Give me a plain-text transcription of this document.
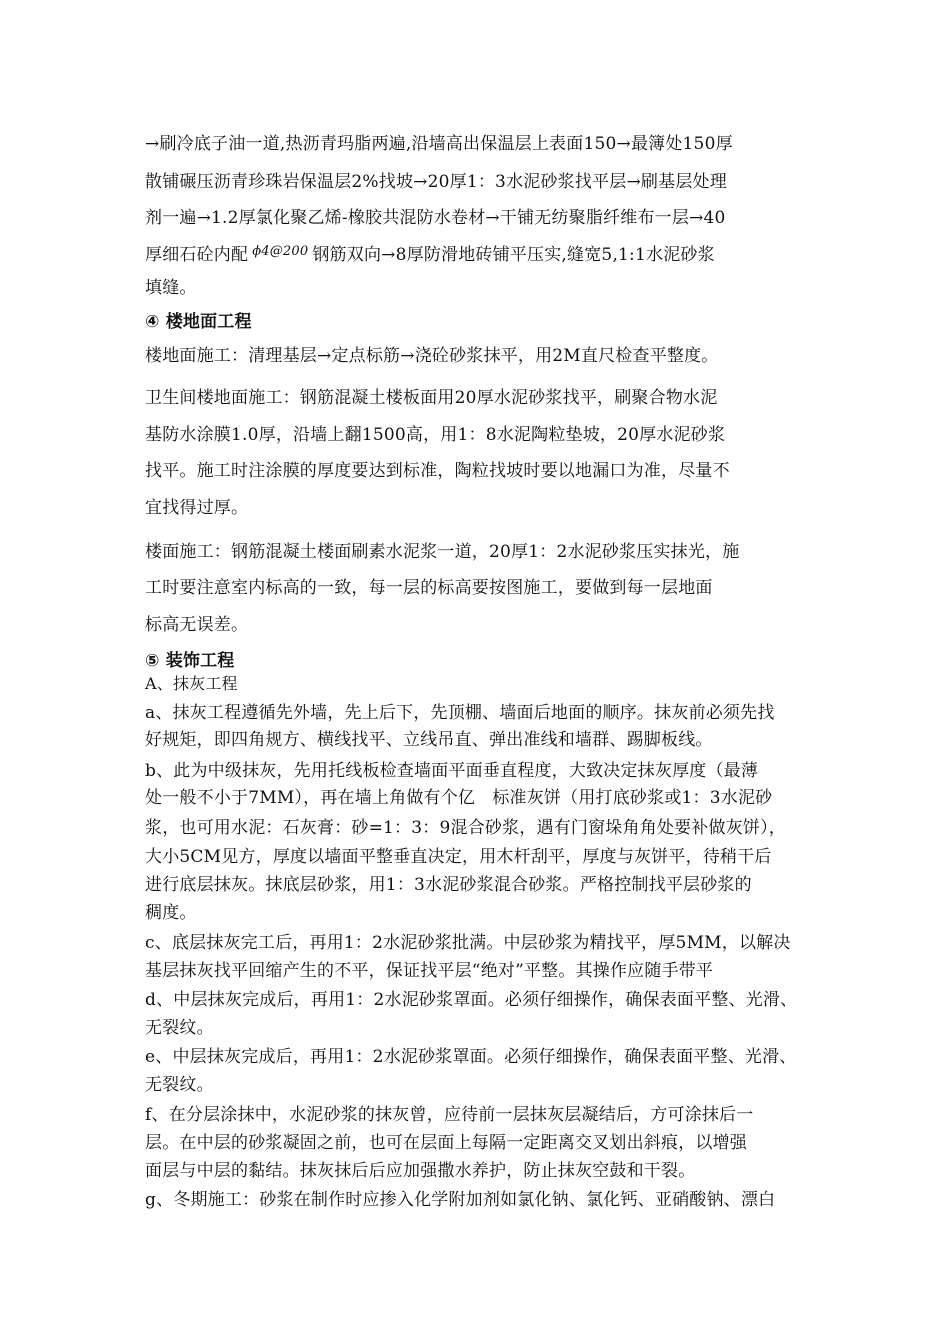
→刷冷底子油一道,热沥青玛脂两遍,沿墙高出保温层上表面150→最簿处150厚
散铺碾压沥青珍珠岩保温层2%找坡→20厚1：3水泥砂浆找平层→刷基层处理
剂一遍→1.2厚氯化聚乙烯-橡胶共混防水卷材→干铺无纺聚脂纤维布一层→40
厚细石砼内配 ϕ4@200 钢筋双向→8厚防滑地砖铺平压实,缝宽5,1:1水泥砂浆
填缝。
④ 楼地面工程
楼地面施工：清理基层→定点标筋→浇砼砂浆抹平，用2M直尺检查平整度。
卫生间楼地面施工：钢筋混凝土楼板面用20厚水泥砂浆找平，刷聚合物水泥
基防水涂膜1.0厚，沿墙上翻1500高，用1：8水泥陶粒垫坡，20厚水泥砂浆
找平。施工时注涂膜的厚度要达到标准，陶粒找坡时要以地漏口为准，尽量不
宜找得过厚。
楼面施工：钢筋混凝土楼面刷素水泥浆一道，20厚1：2水泥砂浆压实抹光，施
工时要注意室内标高的一致，每一层的标高要按图施工，要做到每一层地面
标高无误差。
⑤ 装饰工程
A、抹灰工程
a、抹灰工程遵循先外墙，先上后下，先顶棚、墙面后地面的顺序。抹灰前必须先找
好规矩，即四角规方、横线找平、立线吊直、弹出准线和墙群、踢脚板线。
b、此为中级抹灰，先用托线板检查墙面平面垂直程度，大致决定抹灰厚度（最薄
处一般不小于7MM），再在墙上角做有个亿　标准灰饼（用打底砂浆或1：3水泥砂
浆，也可用水泥：石灰膏：砂=1：3：9混合砂浆，遇有门窗垛角角处要补做灰饼），
大小5CM见方，厚度以墙面平整垂直决定，用木杆刮平，厚度与灰饼平，待稍干后
进行底层抹灰。抹底层砂浆，用1：3水泥砂浆混合砂浆。严格控制找平层砂浆的
稠度。
c、底层抹灰完工后，再用1：2水泥砂浆批满。中层砂浆为精找平，厚5MM，以解决
基层抹灰找平回缩产生的不平，保证找平层“绝对”平整。其操作应随手带平
d、中层抹灰完成后，再用1：2水泥砂浆罩面。必须仔细操作，确保表面平整、光滑、
无裂纹。
e、中层抹灰完成后，再用1：2水泥砂浆罩面。必须仔细操作，确保表面平整、光滑、
无裂纹。
f、在分层涂抹中，水泥砂浆的抹灰曾，应待前一层抹灰层凝结后，方可涂抹后一
层。在中层的砂浆凝固之前，也可在层面上每隔一定距离交叉划出斜痕，以增强
面层与中层的黏结。抹灰抹后后应加强撒水养护，防止抹灰空鼓和干裂。
g、冬期施工：砂浆在制作时应掺入化学附加剂如氯化钠、氯化钙、亚硝酸钠、漂白
